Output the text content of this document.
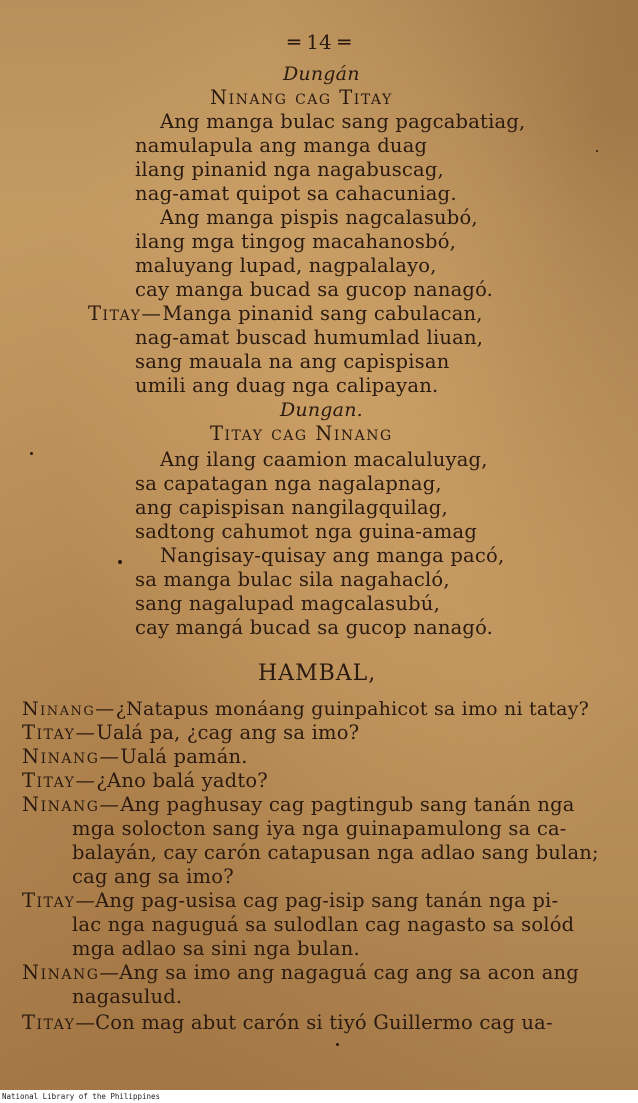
═ 14 ═
Dungán
Ninang cag Titay
Ang manga bulac sang pagcabatiag,
namulapula ang manga duag
ilang pinanid nga nagabuscag,
nag-amat quipot sa cahacuniag.
Ang manga pispis nagcalasubó,
ilang mga tingog macahanosbó,
maluyang lupad, nagpalalayo,
cay manga bucad sa gucop nanagó.
Titay—Manga pinanid sang cabulacan,
nag-amat buscad humumlad liuan,
sang mauala na ang capispisan
umili ang duag nga calipayan.
Dungan.
Titay cag Ninang
Ang ilang caamion macaluluyag,
sa capatagan nga nagalapnag,
ang capispisan nangilagquilag,
sadtong cahumot nga guina-amag
Nangisay-quisay ang manga pacó,
sa manga bulac sila nagahacló,
sang nagalupad magcalasubú,
cay mangá bucad sa gucop nanagó.
HAMBAL,
Ninang—¿Natapus monáang guinpahicot sa imo ni tatay?
Titay—Ualá pa, ¿cag ang sa imo?
Ninang—Ualá pamán.
Titay—¿Ano balá yadto?
Ninang—Ang paghusay cag pagtingub sang tanán nga
mga solocton sang iya nga guinapamulong sa ca-
balayán, cay carón catapusan nga adlao sang bulan;
cag ang sa imo?
Titay—Ang pag-usisa cag pag-isip sang tanán nga pi-
lac nga naguguá sa sulodlan cag nagasto sa solód
mga adlao sa sini nga bulan.
Ninang—Ang sa imo ang nagaguá cag ang sa acon ang
nagasulud.
Titay—Con mag abut carón si tiyó Guillermo cag ua-
National Library of the Philippines
